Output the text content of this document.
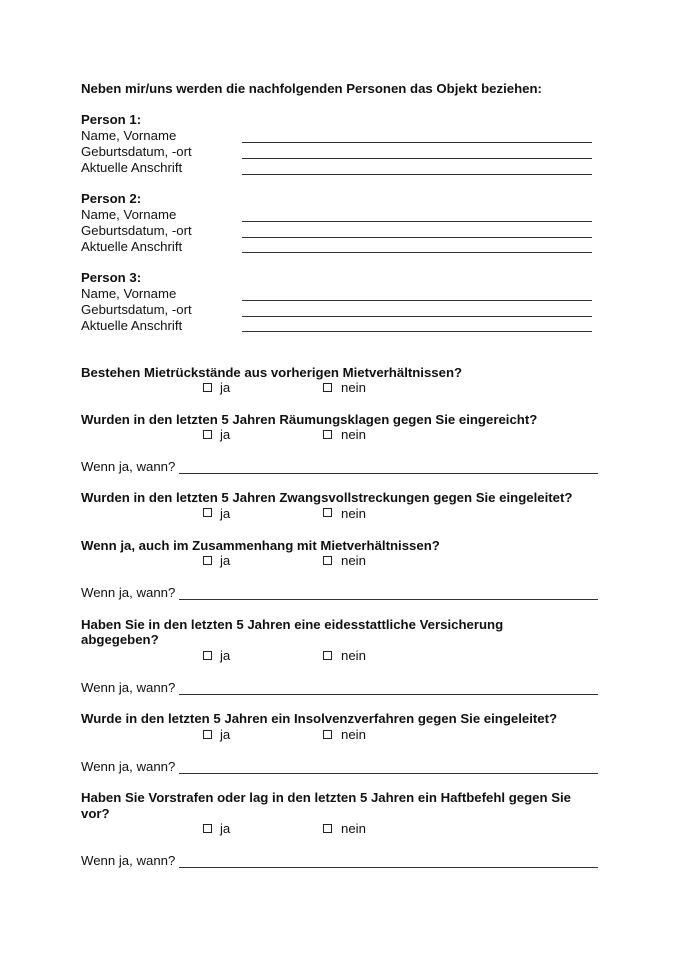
Neben mir/uns werden die nachfolgenden Personen das Objekt beziehen:
Person 1:
Name, Vorname
Geburtsdatum, -ort
Aktuelle Anschrift
Person 2:
Name, Vorname
Geburtsdatum, -ort
Aktuelle Anschrift
Person 3:
Name, Vorname
Geburtsdatum, -ort
Aktuelle Anschrift
Bestehen Mietrückstände aus vorherigen Mietverhältnissen?
ja	nein
Wurden in den letzten 5 Jahren Räumungsklagen gegen Sie eingereicht?
ja	nein
Wenn ja, wann?
Wurden in den letzten 5 Jahren Zwangsvollstreckungen gegen Sie eingeleitet?
ja	nein
Wenn ja, auch im Zusammenhang mit Mietverhältnissen?
ja	nein
Wenn ja, wann?
Haben Sie in den letzten 5 Jahren eine eidesstattliche Versicherung
abgegeben?
ja	nein
Wenn ja, wann?
Wurde in den letzten 5 Jahren ein Insolvenzverfahren gegen Sie eingeleitet?
ja	nein
Wenn ja, wann?
Haben Sie Vorstrafen oder lag in den letzten 5 Jahren ein Haftbefehl gegen Sie
vor?
ja	nein
Wenn ja, wann?
